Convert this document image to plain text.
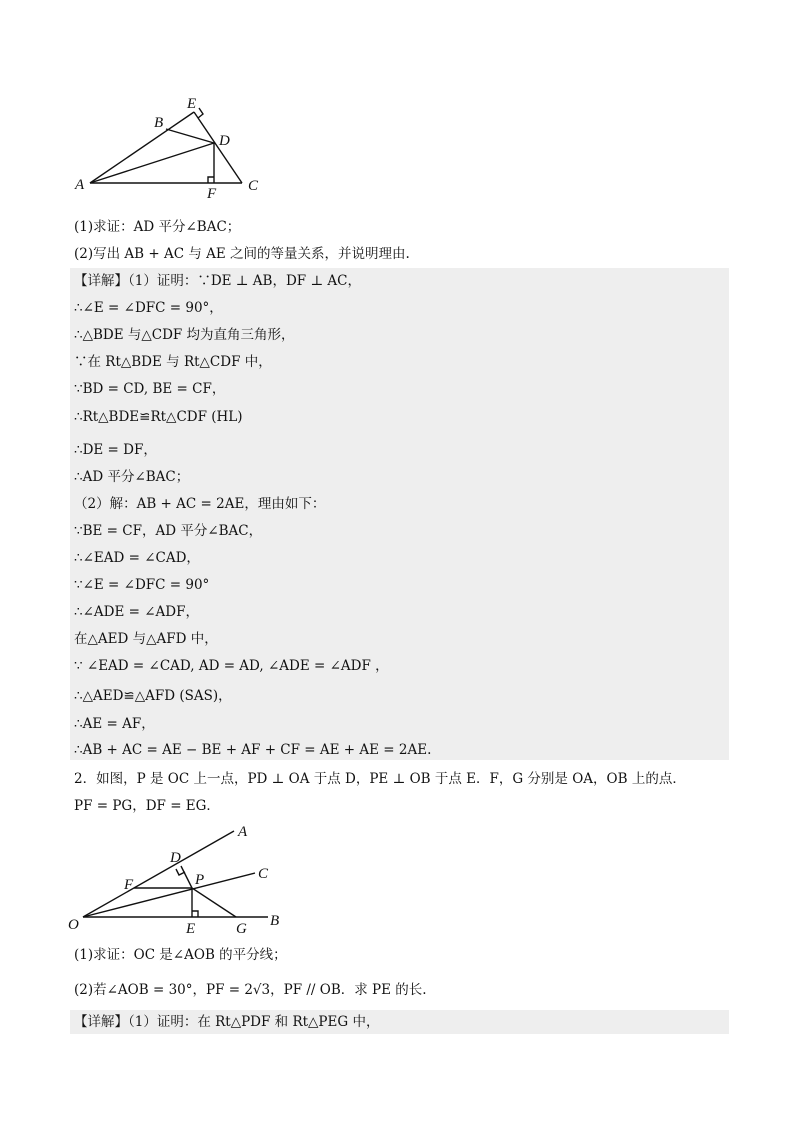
E
B
D
A
F C
(1)求证：AD 平分∠BAC；
(2)写出 AB + AC 与 AE 之间的等量关系，并说明理由.
【详解】（1）证明：∵DE ⊥ AB，DF ⊥ AC，
∴∠E = ∠DFC = 90°，
∴△BDE 与△CDF 均为直角三角形，
∵在 Rt△BDE 与 Rt△CDF 中，
∵BD = CD, BE = CF，
∴Rt△BDE≌Rt△CDF (HL)
∴DE = DF，
∴AD 平分∠BAC；
（2）解：AB + AC = 2AE，理由如下：
∵BE = CF，AD 平分∠BAC，
∴∠EAD = ∠CAD，
∵∠E = ∠DFC = 90°
∴∠ADE = ∠ADF，
在△AED 与△AFD 中，
∵ ∠EAD = ∠CAD, AD = AD, ∠ADE = ∠ADF ，
∴△AED≌△AFD (SAS)，
∴AE = AF，
∴AB + AC = AE − BE + AF + CF = AE + AE = 2AE.
2．如图，P 是 OC 上一点，PD ⊥ OA 于点 D，PE ⊥ OB 于点 E．F，G 分别是 OA，OB 上的点．
PF = PG，DF = EG．
A
D
C
F	P
O	E	G B
(1)求证：OC 是∠AOB 的平分线；
(2)若∠AOB = 30°，PF = 2√3，PF // OB．求 PE 的长.
【详解】（1）证明：在 Rt△PDF 和 Rt△PEG 中，
